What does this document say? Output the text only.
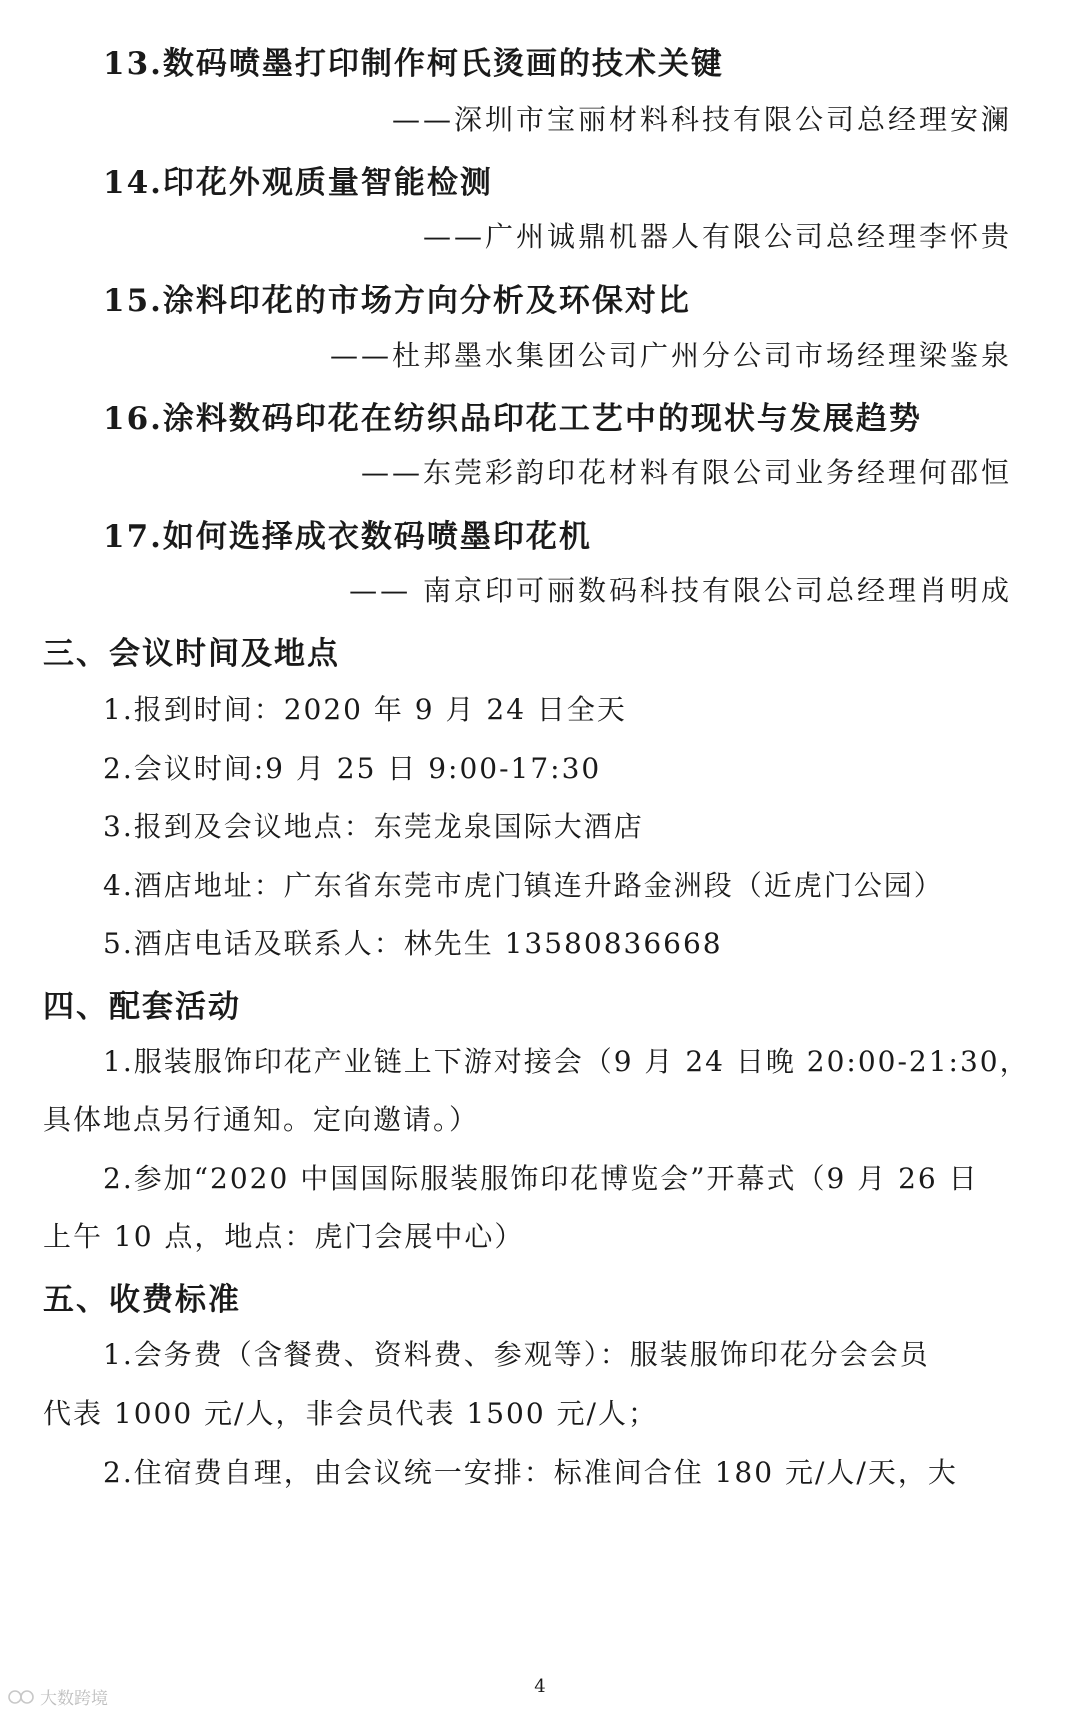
13.数码喷墨打印制作柯氏烫画的技术关键
——深圳市宝丽材料科技有限公司总经理安澜
14.印花外观质量智能检测
——广州诚鼎机器人有限公司总经理李怀贵
15.涂料印花的市场方向分析及环保对比
——杜邦墨水集团公司广州分公司市场经理梁鉴泉
16.涂料数码印花在纺织品印花工艺中的现状与发展趋势
——东莞彩韵印花材料有限公司业务经理何邵恒
17.如何选择成衣数码喷墨印花机
—— 南京印可丽数码科技有限公司总经理肖明成
三、会议时间及地点
1.报到时间：2020 年 9 月 24 日全天
2.会议时间:9 月 25 日 9:00-17:30
3.报到及会议地点：东莞龙泉国际大酒店
4.酒店地址：广东省东莞市虎门镇连升路金洲段（近虎门公园）
5.酒店电话及联系人：林先生 13580836668
四、配套活动
1.服装服饰印花产业链上下游对接会（9 月 24 日晚 20:00-21:30，
具体地点另行通知。定向邀请。）
2.参加“2020 中国国际服装服饰印花博览会”开幕式（9 月 26 日
上午 10 点，地点：虎门会展中心）
五、收费标准
1.会务费（含餐费、资料费、参观等）：服装服饰印花分会会员
代表 1000 元/人，非会员代表 1500 元/人；
2.住宿费自理，由会议统一安排：标准间合住 180 元/人/天，大
4
大数跨境
